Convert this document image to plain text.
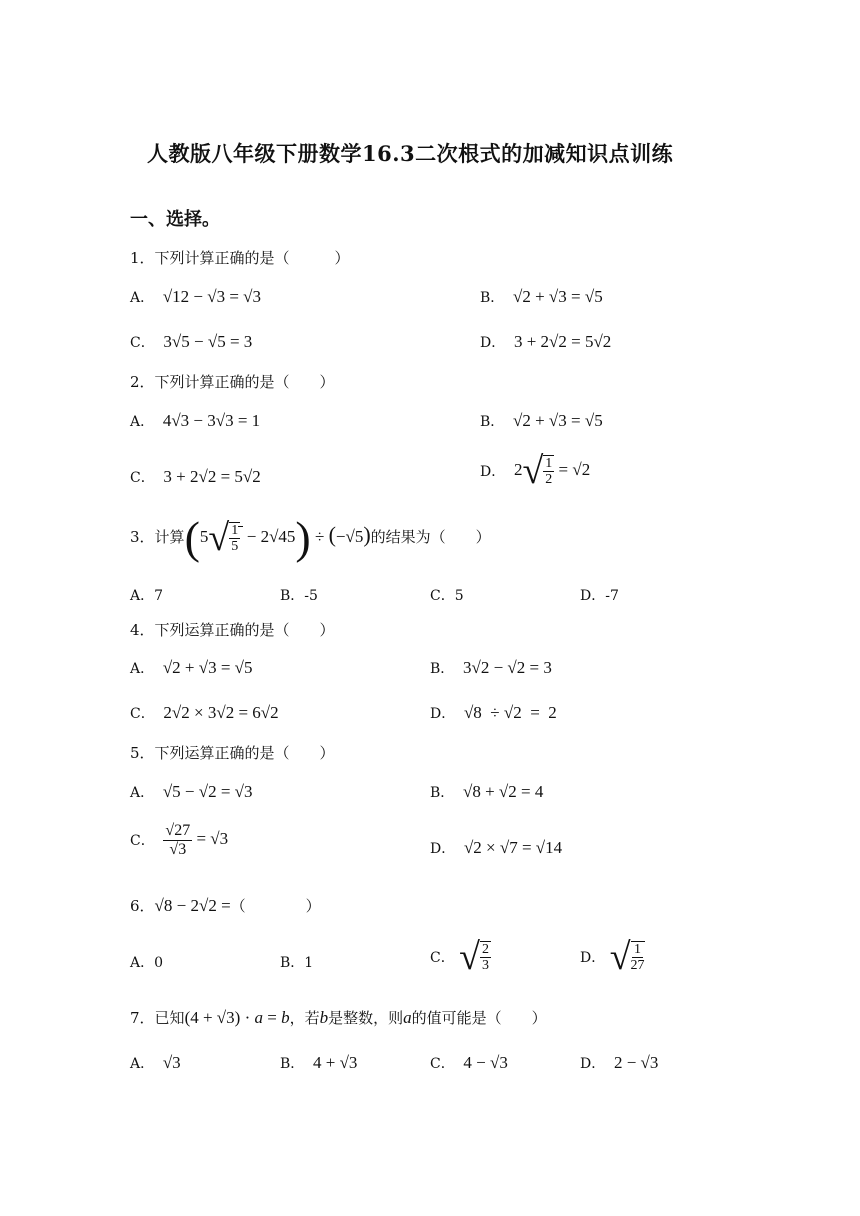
人教版八年级下册数学16.3二次根式的加减知识点训练
一、选择。
1．下列计算正确的是（　　　）
A．  √12 − √3 = √3	B．  √2 + √3 = √5
C．  3√5 − √5 = 3	D．  3 + 2√2 = 5√2
2．下列计算正确的是（　　）
A．  4√3 − 3√3 = 1	B．  √2 + √3 = √5
C．  3 + 2√2 = 5√2	D．  $2√ \frac{1}{2} = √2$
3．计算$(5√ \frac{1}{5} - 2√45) \div (-√5)$的结果为（　　）
A．7	B．-5	C．5	D．-7
4．下列运算正确的是（　　）
A．  √2 + √3 = √5	B．  3√2 − √2 = 3
C．  2√2 × 3√2 = 6√2	D．  √8  ÷ √2  =  2
5．下列运算正确的是（　　）
A．  √5 − √2 = √3	B．  √8 + √2 = 4
C． $\frac{√27}{√3} = √3$
D．  √2 × √7 = √14
6．√8 − 2√2 =（　　　　）
A．0	B．1	C． √ $\frac{2}{3}$	D． √ $\frac{1}{27}$
7．已知(4 + √3) · a = b，若b是整数，则a的值可能是（　　）
A．  √3	B．  4 + √3	C．  4 − √3	D．  2 − √3
